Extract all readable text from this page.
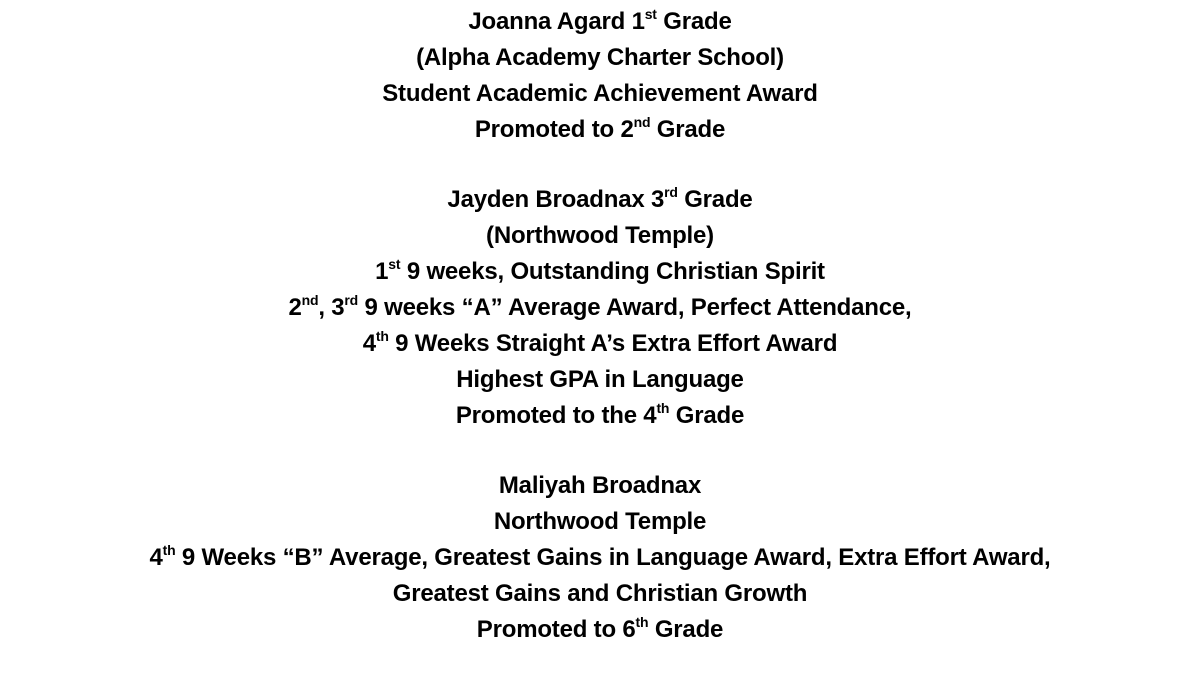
Joanna Agard 1st Grade
(Alpha Academy Charter School)
Student Academic Achievement Award
Promoted to 2nd Grade
Jayden Broadnax 3rd Grade
(Northwood Temple)
1st 9 weeks, Outstanding Christian Spirit
2nd, 3rd 9 weeks “A” Average Award, Perfect Attendance,
4th 9 Weeks Straight A’s Extra Effort Award
Highest GPA in Language
Promoted to the 4th Grade
Maliyah Broadnax
Northwood Temple
4th 9 Weeks “B” Average, Greatest Gains in Language Award, Extra Effort Award,
Greatest Gains and Christian Growth
Promoted to 6th Grade
